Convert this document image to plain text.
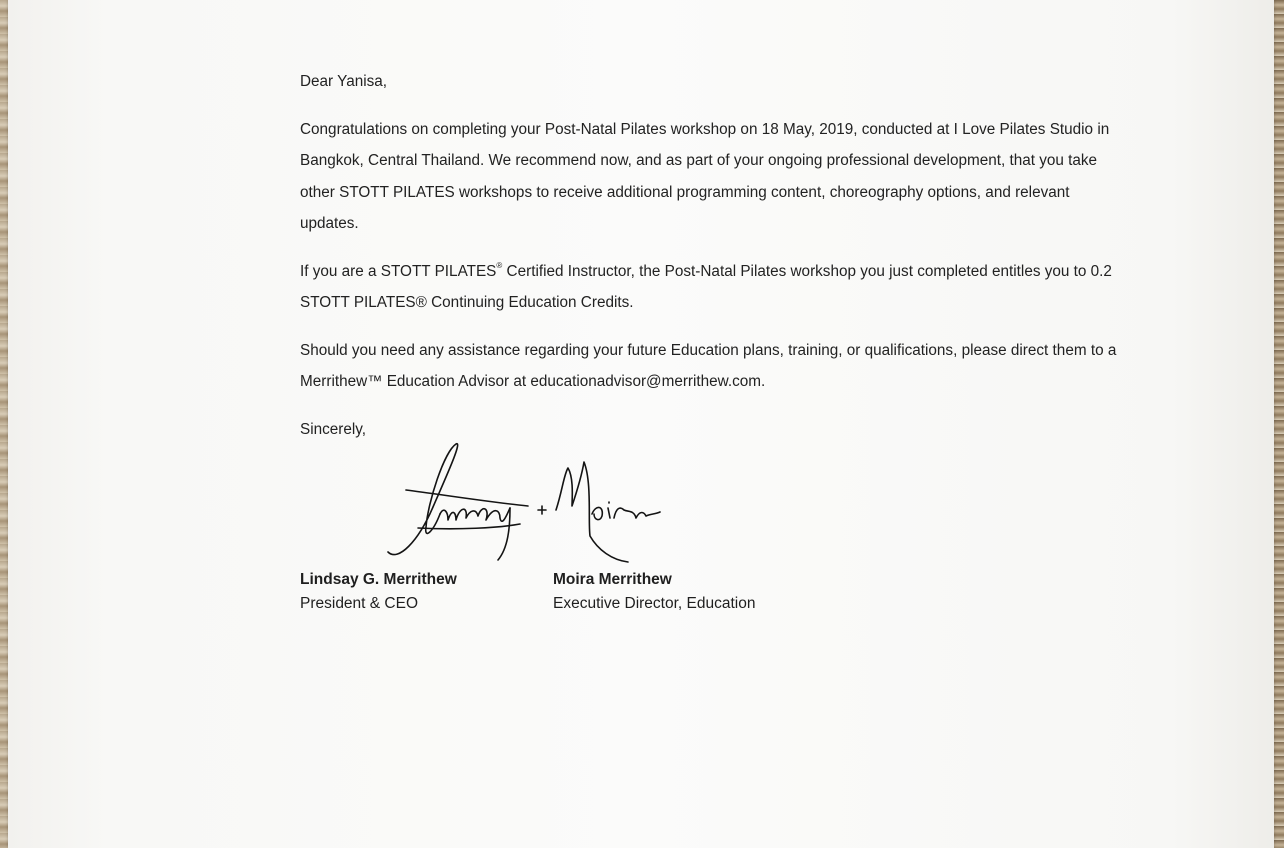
Dear Yanisa,

Congratulations on completing your Post-Natal Pilates workshop on 18 May, 2019, conducted at I Love Pilates Studio in Bangkok, Central Thailand. We recommend now, and as part of your ongoing professional development, that you take other STOTT PILATES workshops to receive additional programming content, choreography options, and relevant updates.

If you are a STOTT PILATES® Certified Instructor, the Post-Natal Pilates workshop you just completed entitles you to 0.2 STOTT PILATES® Continuing Education Credits.

Should you need any assistance regarding your future Education plans, training, or qualifications, please direct them to a Merrithew™ Education Advisor at educationadvisor@merrithew.com.

Sincerely,

Lindsay G. Merrithew
President & CEO
Moira Merrithew
Executive Director, Education
